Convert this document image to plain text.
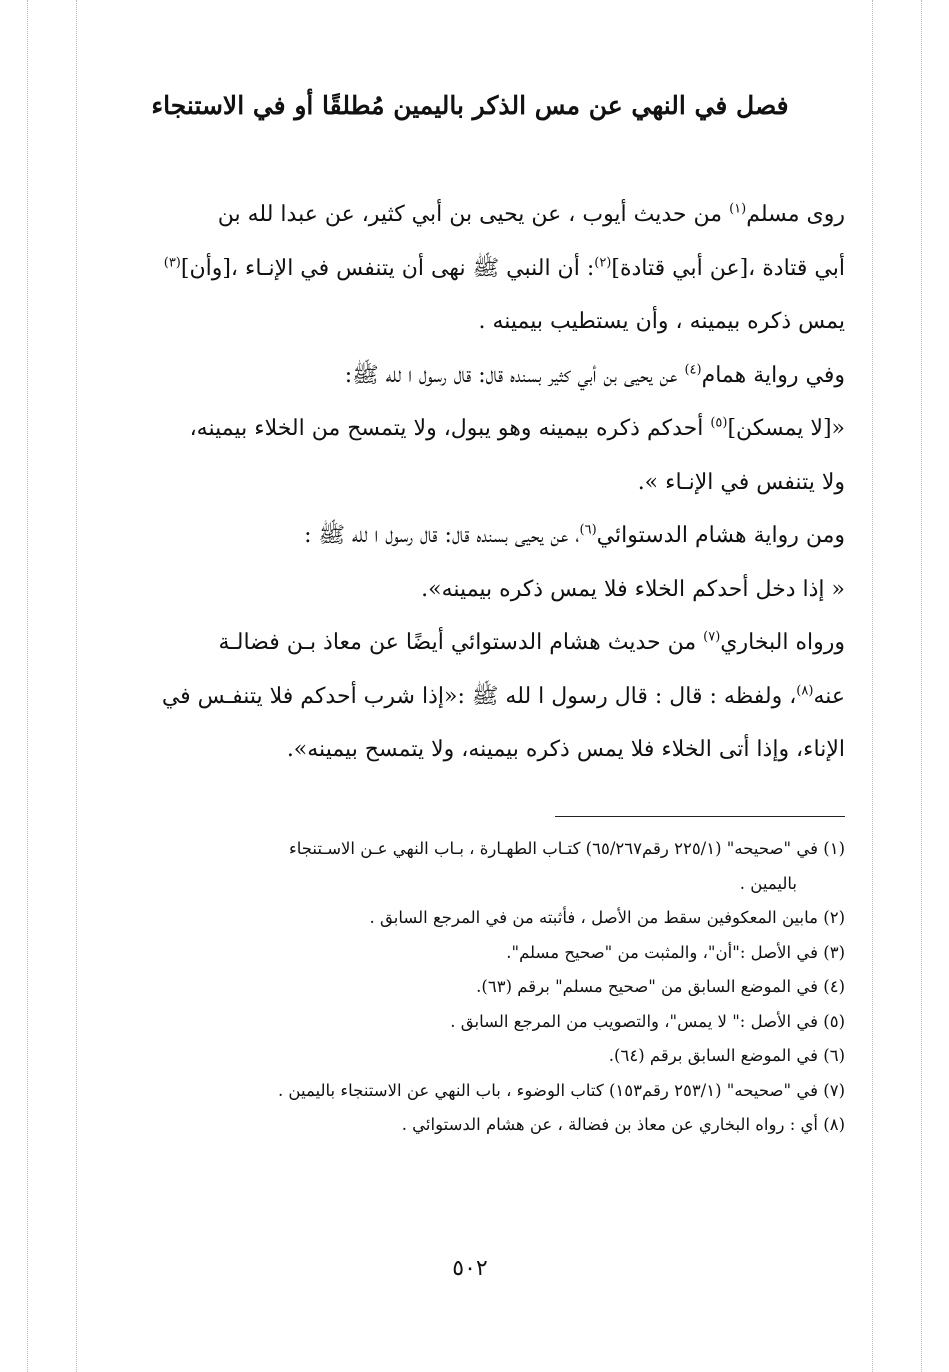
فصل في النهي عن مس الذكر باليمين مُطلقًا أو في الاستنجاء

روى مسلم$^{(١)}$ من حديث أيوب ، عن يحيى بن أبي كثير، عن عبدا لله بن
أبي قتادة ،[عن أبي قتادة]$^{(٢)}$: أن النبي ﷺ نهى أن يتنفس في الإنـاء ،[وأن]$^{(٣)}$
يمس ذكره بيمينه ، وأن يستطيب بيمينه .

وفي رواية همام$^{(٤)}$ عن يحيى بن أبي كثير بسنده قال: قال رسول ا لله ﷺ:
«[لا يمسكن]$^{(٥)}$ أحدكم ذكره بيمينه وهو يبول، ولا يتمسح من الخلاء بيمينه،
ولا يتنفس في الإنـاء ».

ومن رواية هشام الدستوائي$^{(٦)}$، عن يحيى بسنده قال: قال رسول ا لله ﷺ :
« إذا دخل أحدكم الخلاء فلا يمس ذكره بيمينه».

ورواه البخاري$^{(٧)}$ من حديث هشام الدستوائي أيضًا عن معاذ بـن فضالـة
عنه$^{(٨)}$، ولفظه : قال : قال رسول ا لله ﷺ :«إذا شرب أحدكم فلا يتنفـس في
الإناء، وإذا أتى الخلاء فلا يمس ذكره بيمينه، ولا يتمسح بيمينه».

(١) في "صحيحه" (٢٢٥/١ رقم٦٥/٢٦٧) كتـاب الطهـارة ، بـاب النهي عـن الاسـتنجاء
باليمين .
(٢) مابين المعكوفين سقط من الأصل ، فأثبته من في المرجع السابق .
(٣) في الأصل :"أن"، والمثبت من "صحيح مسلم".
(٤) في الموضع السابق من "صحيح مسلم" برقم (٦٣).
(٥) في الأصل :" لا يمس"، والتصويب من المرجع السابق .
(٦) في الموضع السابق برقم (٦٤).
(٧) في "صحيحه" (٢٥٣/١ رقم١٥٣) كتاب الوضوء ، باب النهي عن الاستنجاء باليمين .
(٨) أي : رواه البخاري عن معاذ بن فضالة ، عن هشام الدستوائي .
٥٠٢
